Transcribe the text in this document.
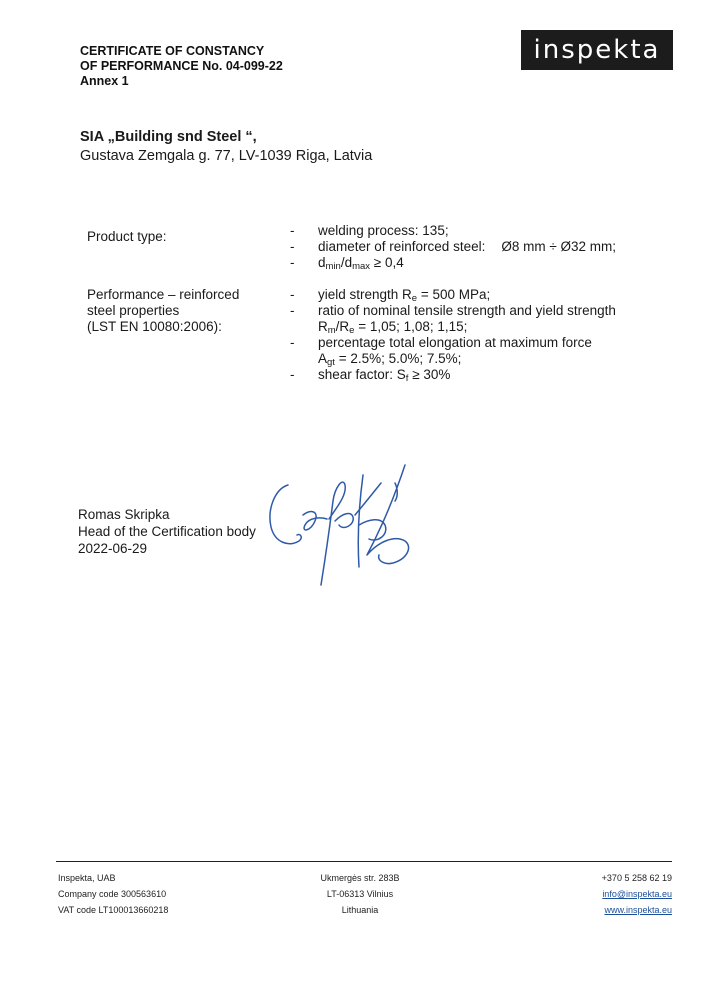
CERTIFICATE OF CONSTANCY
OF PERFORMANCE No. 04-099-22
Annex 1
inspekta
SIA „Building snd Steel “,
Gustava Zemgala g. 77, LV-1039 Riga, Latvia
Product type:
-	welding process: 135;
- diameter of reinforced steel: Ø8 mm ÷ Ø32 mm;
- $d_{min}/d_{max} \ge 0,4$
Performance – reinforced
steel properties
(LST EN 10080:2006):
- yield strength $R_e = 500$ MPa;
- ratio of nominal tensile strength and yield strength
$R_m/R_e = 1,05$; 1,08; 1,15;
- percentage total elongation at maximum force
$A_{gt} = 2.5\%$; 5.0%; 7.5%;
- shear factor: $S_f \ge 30\%$
Romas Skripka
Head of the Certification body
2022-06-29
Inspekta, UAB
Company code 300563610
VAT code LT100013660218
Ukmergės str. 283B
LT-06313 Vilnius
Lithuania
+370 5 258 62 19
info@inspekta.eu
www.inspekta.eu
